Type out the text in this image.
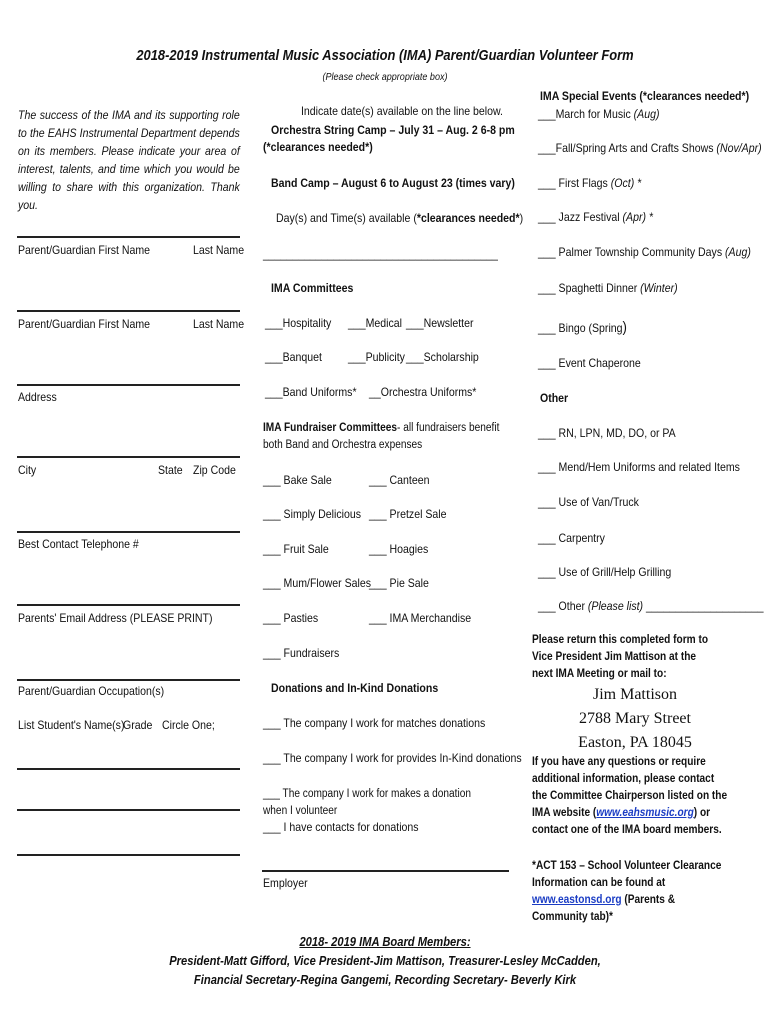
2018-2019 Instrumental Music Association (IMA) Parent/Guardian Volunteer Form
(Please check appropriate box)
The success of the IMA and its supporting role to the EAHS Instrumental Department depends on its members. Please indicate your area of interest, talents, and time which you would be willing to share with this organization. Thank you.
Parent/Guardian First Name	Last Name
Parent/Guardian First Name	Last Name
Address
City	State Zip Code
Best Contact Telephone #
Parents' Email Address (PLEASE PRINT)
Parent/Guardian Occupation(s)
List Student's Name(s)
Grade Circle One;
Indicate date(s) available on the line below.
Orchestra String Camp – July 31 – Aug. 2 6-8 pm
(*clearances needed*)
Band Camp – August 6 to August 23 (times vary)
Day(s) and Time(s) available (*clearances needed*)
________________________________________
IMA Committees
___Hospitality ___Medical ___Newsletter
___Banquet ___Publicity ___Scholarship
___Band Uniforms* __Orchestra Uniforms*
IMA Fundraiser Committees- all fundraisers benefit both Band and Orchestra expenses
___ Bake Sale	___ Canteen
___ Simply Delicious ___ Pretzel Sale
___ Fruit Sale	___ Hoagies
___ Mum/Flower Sales
___ Pie Sale
___ Pasties	___ IMA Merchandise
___ Fundraisers
Donations and In-Kind Donations
___ The company I work for matches donations
___ The company I work for provides In-Kind donations
___ The company I work for makes a donation when I volunteer
___ I have contacts for donations
Employer
IMA Special Events (*clearances needed*)
___March for Music (Aug)
___Fall/Spring Arts and Crafts Shows (Nov/Apr)
___ First Flags (Oct) *
___ Jazz Festival (Apr) *
___ Palmer Township Community Days (Aug)
___ Spaghetti Dinner (Winter)
___ Bingo (Spring)
___ Event Chaperone
Other
___ RN, LPN, MD, DO, or PA
___ Mend/Hem Uniforms and related Items
___ Use of Van/Truck
___ Carpentry
___ Use of Grill/Help Grilling
___ Other (Please list) ____________________
Please return this completed form to Vice President Jim Mattison at the next IMA Meeting or mail to:
Jim Mattison
2788 Mary Street
Easton, PA 18045
If you have any questions or require additional information, please contact the Committee Chairperson listed on the IMA website (www.eahsmusic.org) or contact one of the IMA board members.
*ACT 153 – School Volunteer Clearance Information can be found at www.eastonsd.org (Parents & Community tab)*
2018- 2019 IMA Board Members:
President-Matt Gifford, Vice President-Jim Mattison, Treasurer-Lesley McCadden,
Financial Secretary-Regina Gangemi, Recording Secretary- Beverly Kirk
